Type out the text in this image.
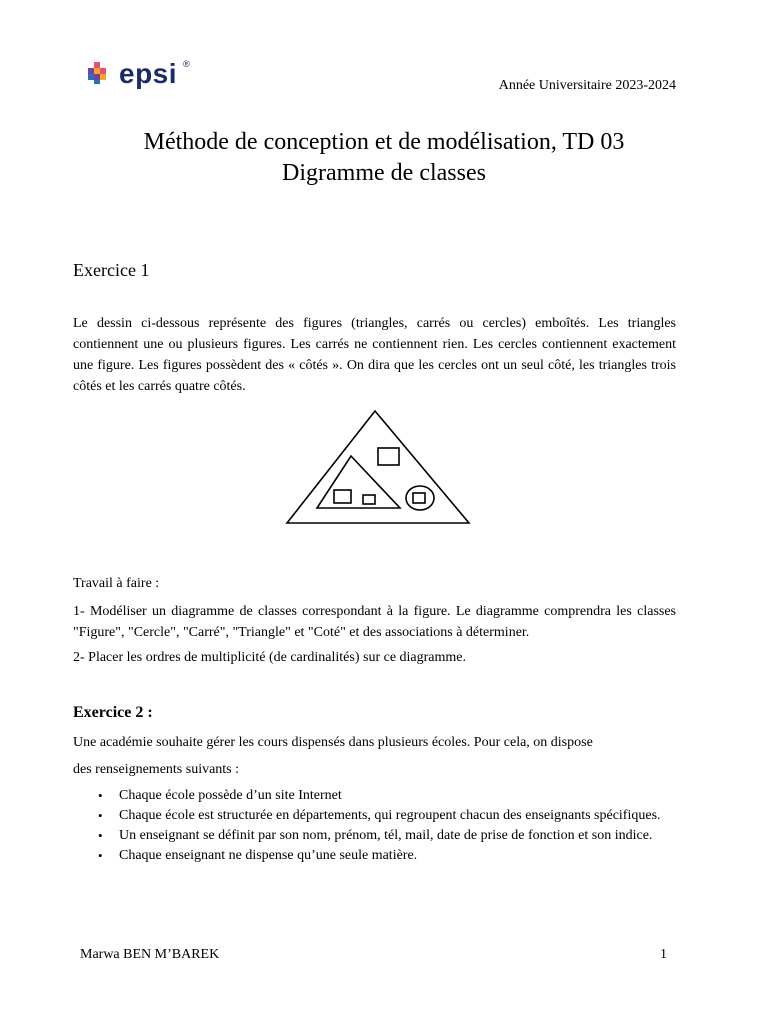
epsi ®
Année Universitaire 2023-2024
Méthode de conception et de modélisation, TD 03
Digramme de classes
Exercice 1
Le dessin ci-dessous représente des figures (triangles, carrés ou cercles) emboîtés. Les triangles contiennent une ou plusieurs figures. Les carrés ne contiennent rien. Les cercles contiennent exactement une figure. Les figures possèdent des « côtés ». On dira que les cercles ont un seul côté, les triangles trois côtés et les carrés quatre côtés.
Travail à faire :
1- Modéliser un diagramme de classes correspondant à la figure. Le diagramme comprendra les classes "Figure", "Cercle", "Carré", "Triangle" et "Coté" et des associations à déterminer.
2- Placer les ordres de multiplicité (de cardinalités) sur ce diagramme.
Exercice 2 :
Une académie souhaite gérer les cours dispensés dans plusieurs écoles. Pour cela, on dispose
des renseignements suivants :
• Chaque école possède d’un site Internet
• Chaque école est structurée en départements, qui regroupent chacun des enseignants spécifiques.
• Un enseignant se définit par son nom, prénom, tél, mail, date de prise de fonction et son indice.
• Chaque enseignant ne dispense qu’une seule matière.
Marwa BEN M’BAREK	1
